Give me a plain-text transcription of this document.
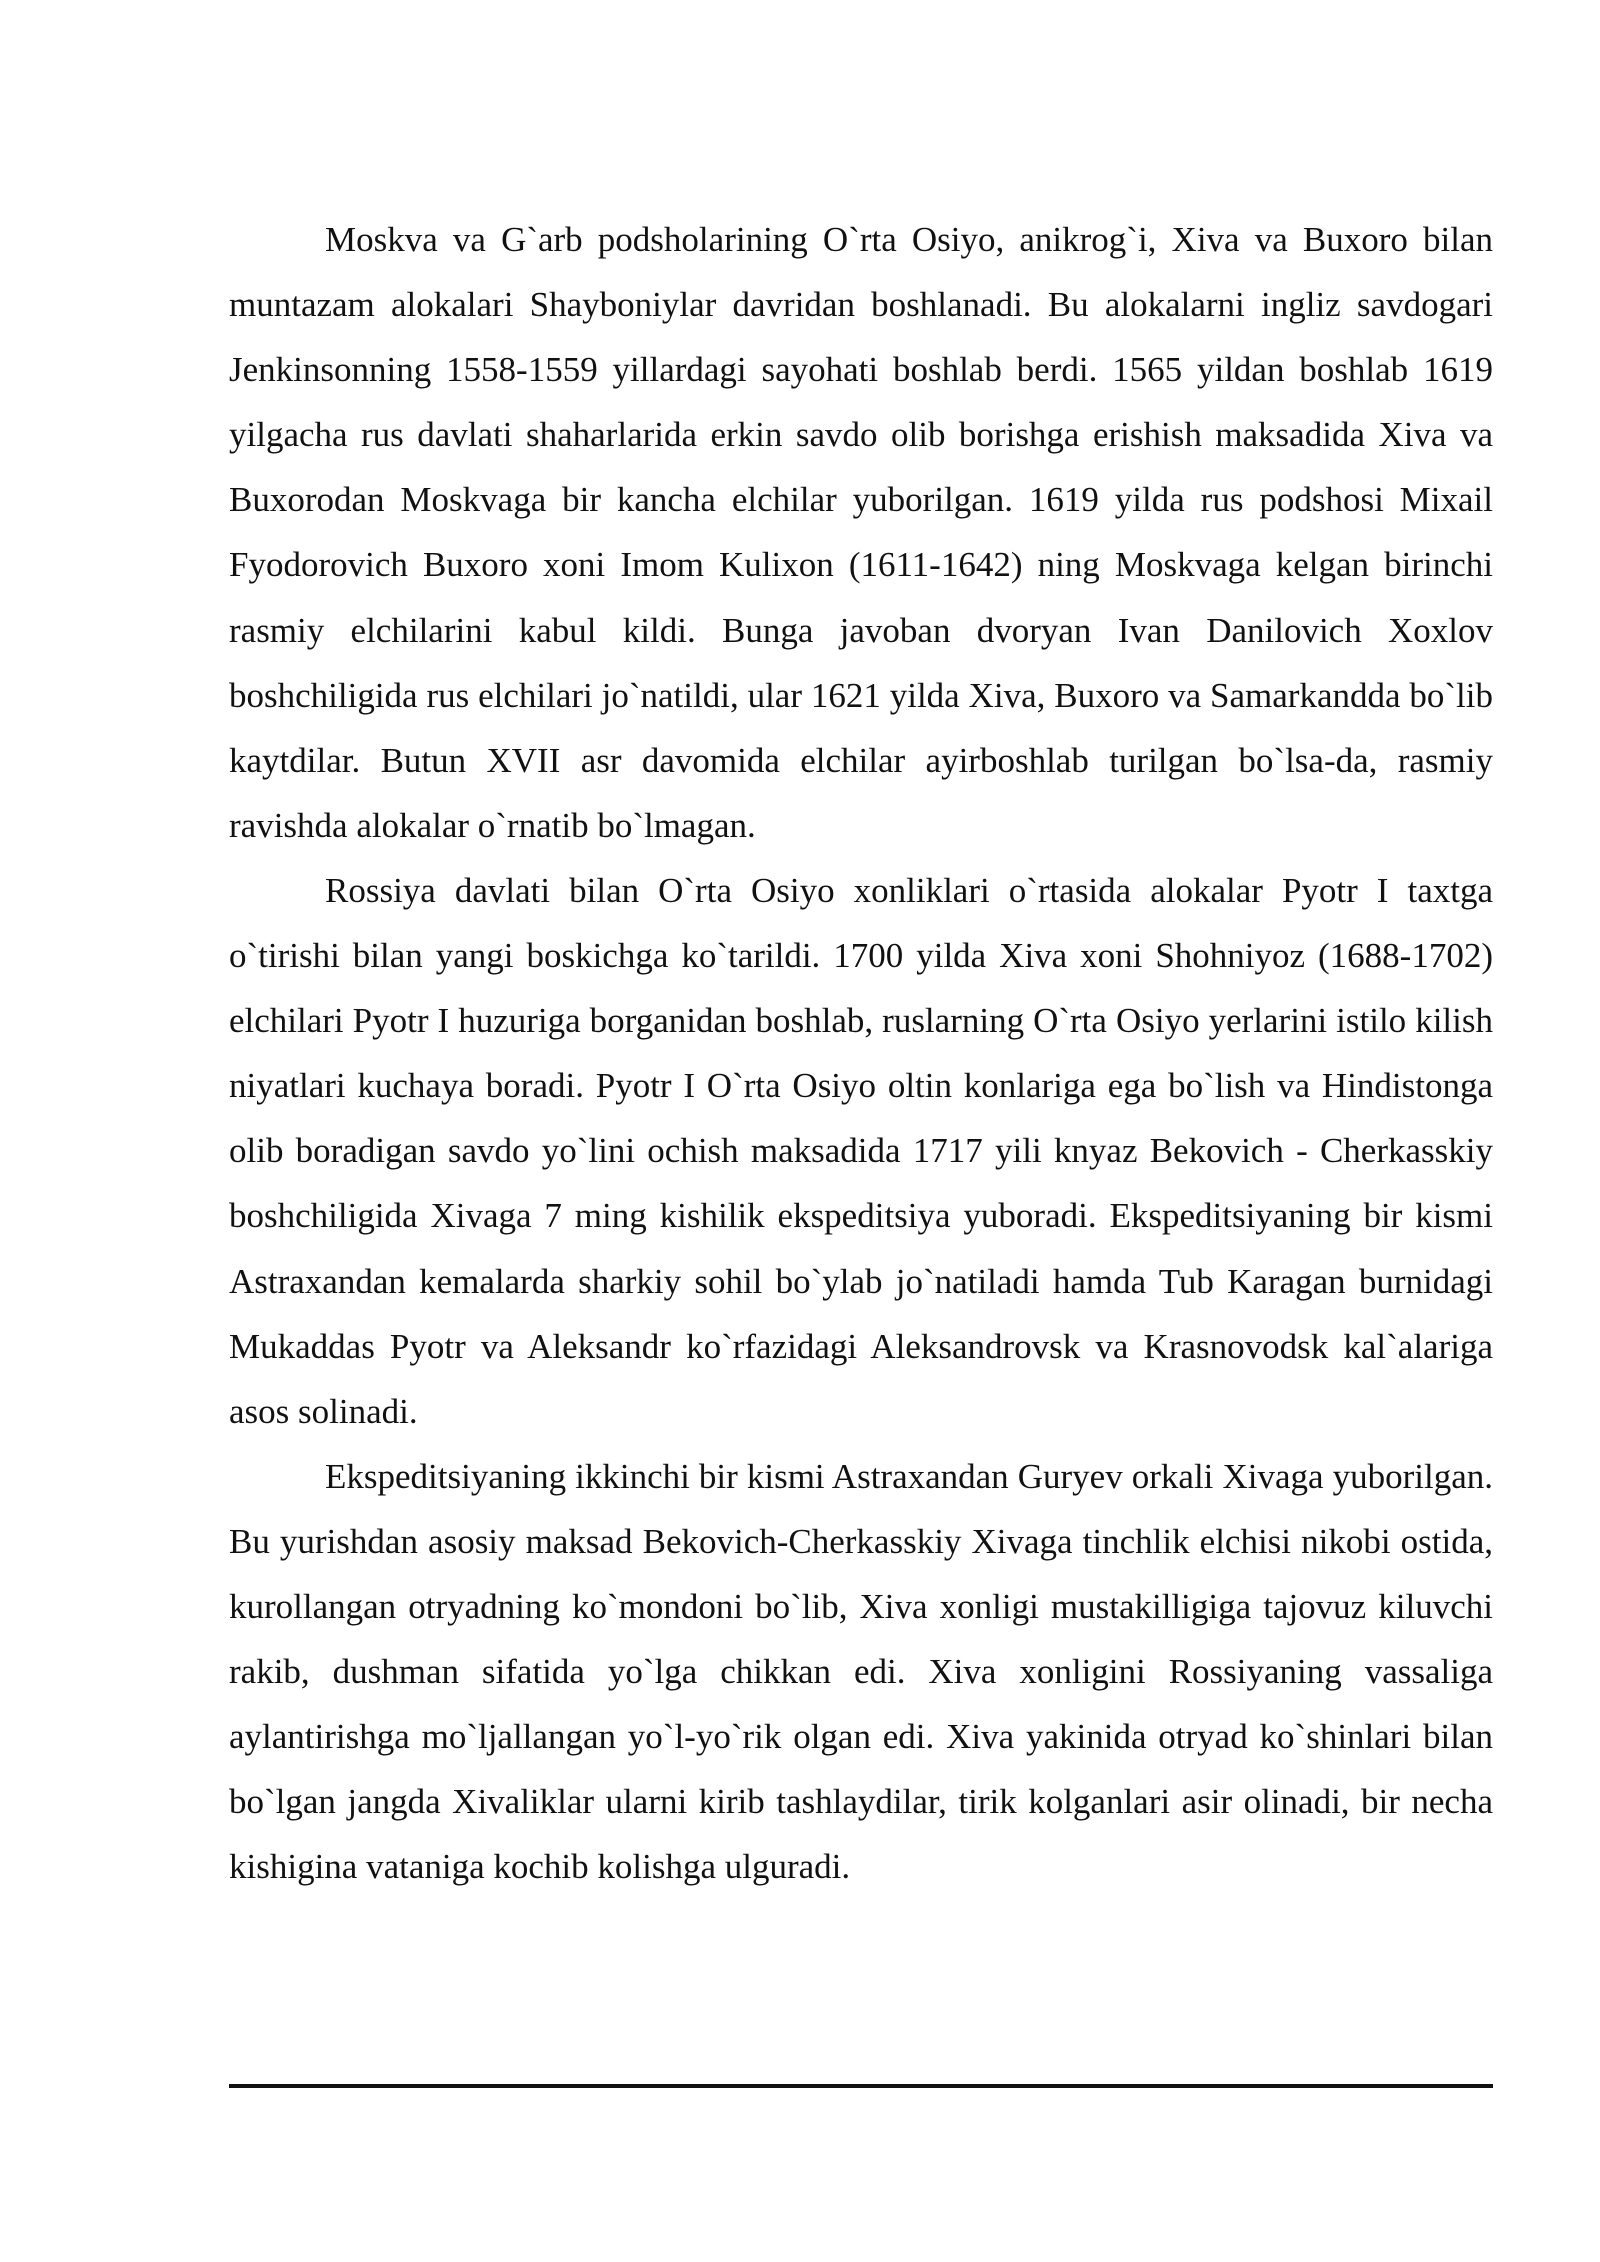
Moskva va G`arb podsholarining O`rta Osiyo, anikrog`i, Xiva va Buxoro bilan muntazam alokalari Shayboniylar davridan boshlanadi. Bu alokalarni ingliz savdogari Jenkinsonning 1558-1559 yillardagi sayohati boshlab berdi. 1565 yildan boshlab 1619 yilgacha rus davlati shaharlarida erkin savdo olib borishga erishish maksadida Xiva va Buxorodan Moskvaga bir kancha elchilar yuborilgan. 1619 yilda rus podshosi Mixail Fyodorovich Buxoro xoni Imom Kulixon (1611-1642) ning Moskvaga kelgan birinchi rasmiy elchilarini kabul kildi. Bunga javoban dvoryan Ivan Danilovich Xoxlov boshchiligida rus elchilari jo`natildi, ular 1621 yilda Xiva, Buxoro va Samarkandda bo`lib kaytdilar. Butun XVII asr davomida elchilar ayirboshlab turilgan bo`lsa-da, rasmiy ravishda alokalar o`rnatib bo`lmagan.

Rossiya davlati bilan O`rta Osiyo xonliklari o`rtasida alokalar Pyotr I taxtga o`tirishi bilan yangi boskichga ko`tarildi. 1700 yilda Xiva xoni Shohniyoz (1688-1702) elchilari Pyotr I huzuriga borganidan boshlab, ruslarning O`rta Osiyo yerlarini istilo kilish niyatlari kuchaya boradi. Pyotr I O`rta Osiyo oltin konlariga ega bo`lish va Hindistonga olib boradigan savdo yo`lini ochish maksadida 1717 yili knyaz Bekovich - Cherkasskiy boshchiligida Xivaga 7 ming kishilik ekspeditsiya yuboradi. Ekspeditsiyaning bir kismi Astraxandan kemalarda sharkiy sohil bo`ylab jo`natiladi hamda Tub Karagan burnidagi Mukaddas Pyotr va Aleksandr ko`rfazidagi Aleksandrovsk va Krasnovodsk kal`alariga asos solinadi.

Ekspeditsiyaning ikkinchi bir kismi Astraxandan Guryev orkali Xivaga yuborilgan. Bu yurishdan asosiy maksad Bekovich-Cherkasskiy Xivaga tinchlik elchisi nikobi ostida, kurollangan otryadning ko`mondoni bo`lib, Xiva xonligi mustakilligiga tajovuz kiluvchi rakib, dushman sifatida yo`lga chikkan edi. Xiva xonligini Rossiyaning vassaliga aylantirishga mo`ljallangan yo`l-yo`rik olgan edi. Xiva yakinida otryad ko`shinlari bilan bo`lgan jangda Xivaliklar ularni kirib tashlaydilar, tirik kolganlari asir olinadi, bir necha kishigina vataniga kochib kolishga ulguradi.
